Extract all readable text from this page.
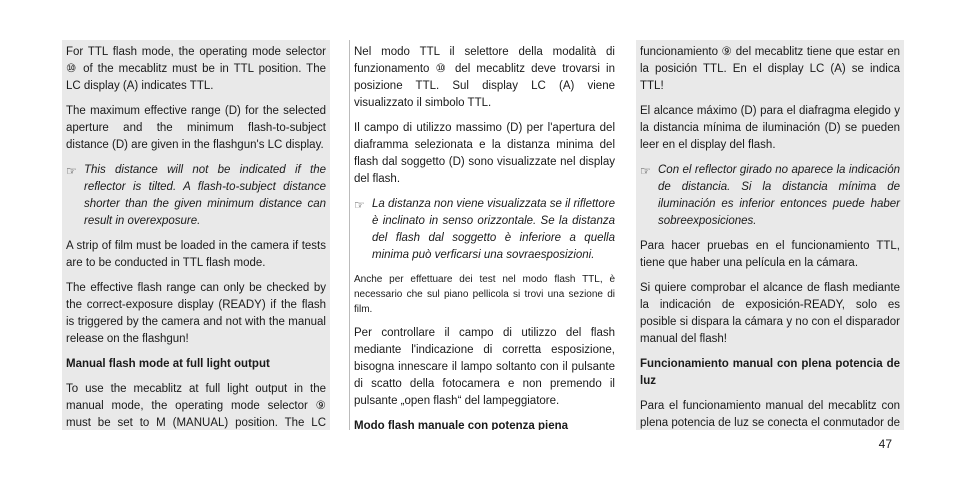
For TTL flash mode, the operating mode selector ⑩ of the mecablitz must be in TTL position. The LC display (A) indicates TTL.

The maximum effective range (D) for the selected aperture and the minimum flash-to-subject distance (D) are given in the flashgun's LC display.

☞ This distance will not be indicated if the reflector is tilted. A flash-to-subject distance shorter than the given minimum distance can result in overexposure.

A strip of film must be loaded in the camera if tests are to be conducted in TTL flash mode.

The effective flash range can only be checked by the correct-exposure display (READY) if the flash is triggered by the camera and not with the manual release on the flashgun!

Manual flash mode at full light output

To use the mecablitz at full light output in the manual mode, the operating mode selector ⑨ must be set to M (MANUAL) position. The LC

Nel modo TTL il selettore della modalità di funzionamento ⑩ del mecablitz deve trovarsi in posizione TTL. Sul display LC (A) viene visualizzato il simbolo TTL.

Il campo di utilizzo massimo (D) per l'apertura del diaframma selezionata e la distanza minima del flash dal soggetto (D) sono visualizzate nel display del flash.

☞ La distanza non viene visualizzata se il riflettore è inclinato in senso orizzontale. Se la distanza del flash dal soggetto è inferiore a quella minima può verficarsi una sovraesposizioni.

Anche per effettuare dei test nel modo flash TTL, è necessario che sul piano pellicola si trovi una sezione di film.

Per controllare il campo di utilizzo del flash mediante l'indicazione di corretta esposizione, bisogna innescare il lampo soltanto con il pulsante di scatto della fotocamera e non premendo il pulsante „open flash“ del lampeggiatore.

Modo flash manuale con potenza piena

funcionamiento ⑨ del mecablitz tiene que estar en la posición TTL. En el display LC (A) se indica TTL!

El alcance máximo (D) para el diafragma elegido y la distancia mínima de iluminación (D) se pueden leer en el display del flash.

☞ Con el reflector girado no aparece la indicación de distancia. Si la distancia mínima de iluminación es inferior entonces puede haber sobreexposiciones.

Para hacer pruebas en el funcionamiento TTL, tiene que haber una película en la cámara.

Si quiere comprobar el alcance de flash mediante la indicación de exposición-READY, solo es posible si dispara la cámara y no con el disparador manual del flash!

Funcionamiento manual con plena potencia de luz

Para el funcionamiento manual del mecablitz con plena potencia de luz se conecta el conmutador de

47
